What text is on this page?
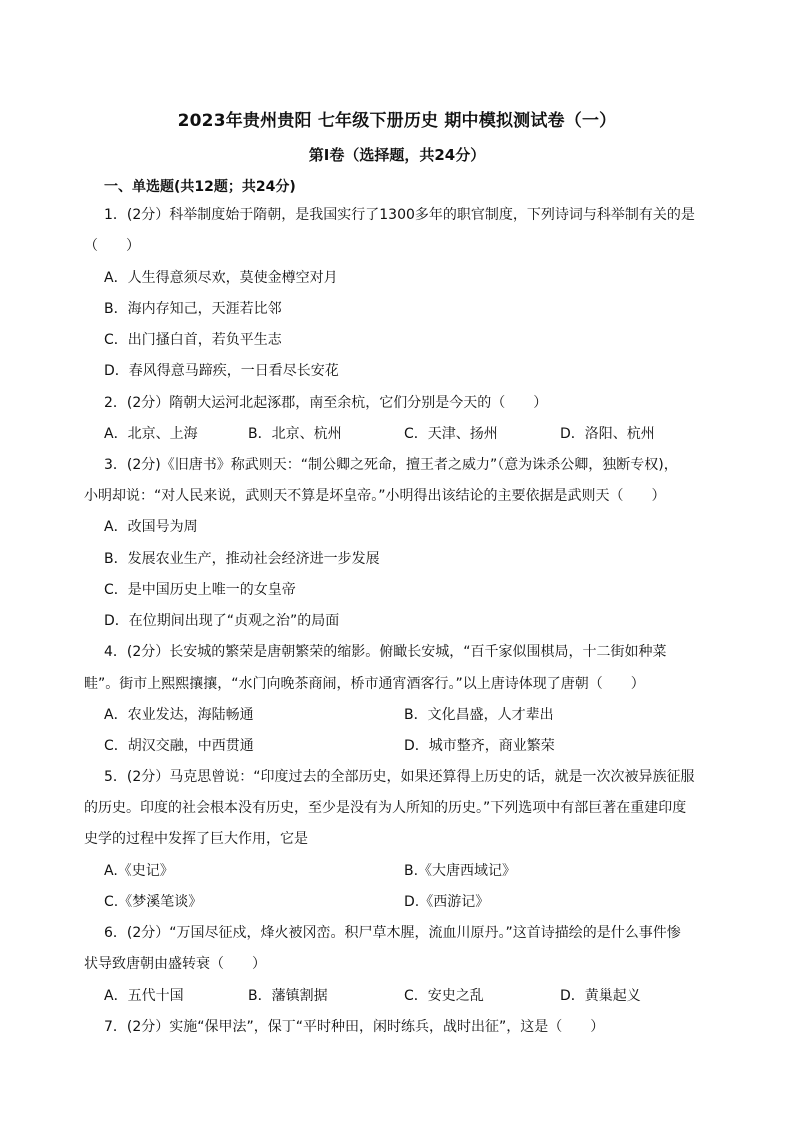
2023年贵州贵阳 七年级下册历史 期中模拟测试卷（一）
第Ⅰ卷（选择题，共24分）
一、单选题(共12题；共24分)
1．(2分）科举制度始于隋朝，是我国实行了1300多年的职官制度，下列诗词与科举制有关的是
（　　）
A．人生得意须尽欢，莫使金樽空对月
B．海内存知己，天涯若比邻
C．出门搔白首，若负平生志
D．春风得意马蹄疾，一日看尽长安花
2．(2分）隋朝大运河北起涿郡，南至余杭，它们分别是今天的（　　）
A．北京、上海	B．北京、杭州	C．天津、扬州	D．洛阳、杭州
3．(2分)《旧唐书》称武则天：“制公卿之死命，擅王者之威力”（意为诛杀公卿，独断专权)，
小明却说：“对人民来说，武则天不算是坏皇帝。”小明得出该结论的主要依据是武则天（　　）
A．改国号为周
B．发展农业生产，推动社会经济进一步发展
C．是中国历史上唯一的女皇帝
D．在位期间出现了“贞观之治”的局面
4．(2分）长安城的繁荣是唐朝繁荣的缩影。俯瞰长安城，“百千家似围棋局，十二街如种菜
畦”。街市上熙熙攘攘，“水门向晚茶商闹，桥市通宵酒客行。”以上唐诗体现了唐朝（　　）
A．农业发达，海陆畅通	B．文化昌盛，人才辈出
C．胡汉交融，中西贯通	D．城市整齐，商业繁荣
5．(2分）马克思曾说：“印度过去的全部历史，如果还算得上历史的话，就是一次次被异族征服
的历史。印度的社会根本没有历史，至少是没有为人所知的历史。”下列选项中有部巨著在重建印度
史学的过程中发挥了巨大作用，它是
A.《史记》	B.《大唐西域记》
C.《梦溪笔谈》	D.《西游记》
6．(2分）“万国尽征戍，烽火被冈峦。积尸草木腥，流血川原丹。”这首诗描绘的是什么事件惨
状导致唐朝由盛转衰（　　）
A．五代十国	B．藩镇割据	C．安史之乱	D．黄巢起义
7．(2分）实施“保甲法”，保丁“平时种田，闲时练兵，战时出征”，这是（　　）
